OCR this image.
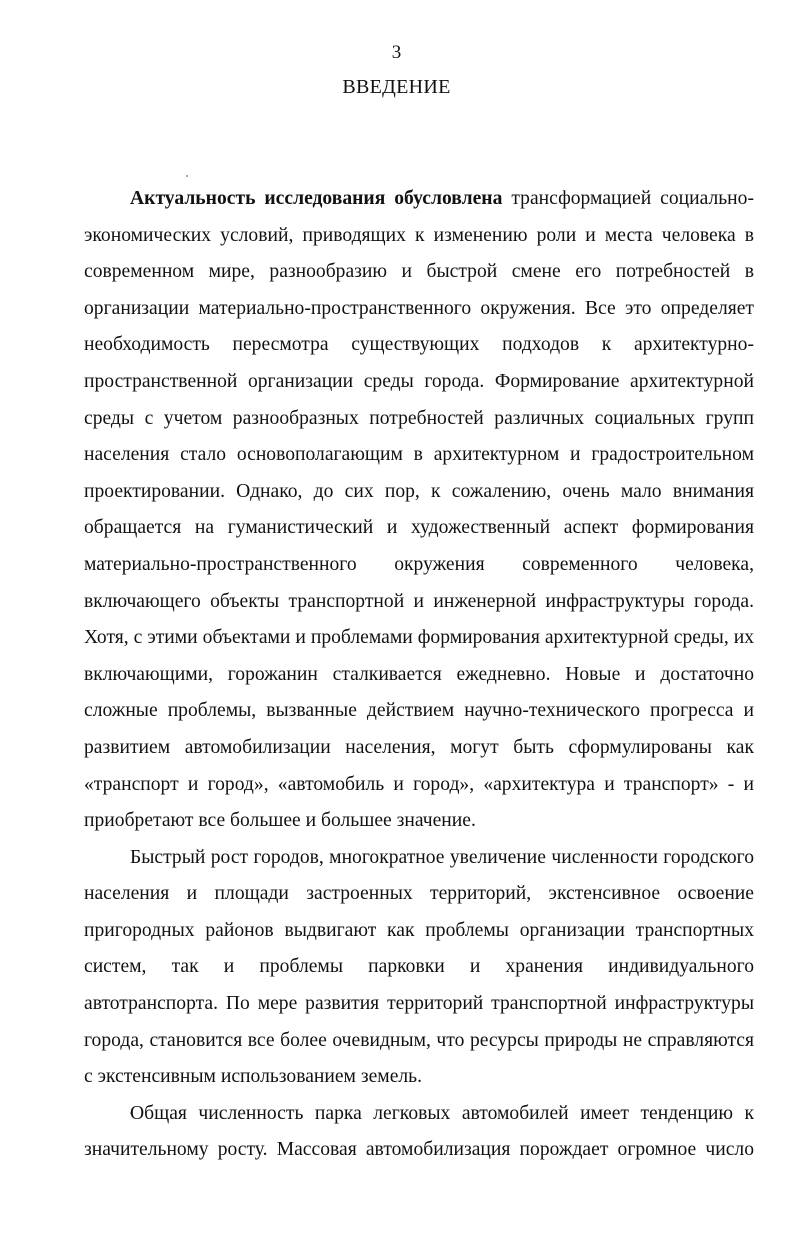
3
ВВЕДЕНИЕ
Актуальность исследования обусловлена трансформацией социально-
экономических условий, приводящих к изменению роли и места человека в
современном мире, разнообразию и быстрой смене его потребностей в
организации материально-пространственного окружения. Все это определяет
необходимость пересмотра существующих подходов к архитектурно-
пространственной организации среды города. Формирование архитектурной
среды с учетом разнообразных потребностей различных социальных групп
населения стало основополагающим в архитектурном и градостроительном
проектировании. Однако, до сих пор, к сожалению, очень мало внимания
обращается на гуманистический и художественный аспект формирования
материально-пространственного окружения современного человека,
включающего объекты транспортной и инженерной инфраструктуры города.
Хотя, с этими объектами и проблемами формирования архитектурной среды, их
включающими, горожанин сталкивается ежедневно. Новые и достаточно
сложные проблемы, вызванные действием научно-технического прогресса и
развитием автомобилизации населения, могут быть сформулированы как
«транспорт и город», «автомобиль и город», «архитектура и транспорт» - и
приобретают все большее и большее значение.
Быстрый рост городов, многократное увеличение численности городского
населения и площади застроенных территорий, экстенсивное освоение
пригородных районов выдвигают как проблемы организации транспортных
систем, так и проблемы парковки и хранения индивидуального
автотранспорта. По мере развития территорий транспортной инфраструктуры
города, становится все более очевидным, что ресурсы природы не справляются
с экстенсивным использованием земель.
Общая численность парка легковых автомобилей имеет тенденцию к
значительному росту. Массовая автомобилизация порождает огромное число
